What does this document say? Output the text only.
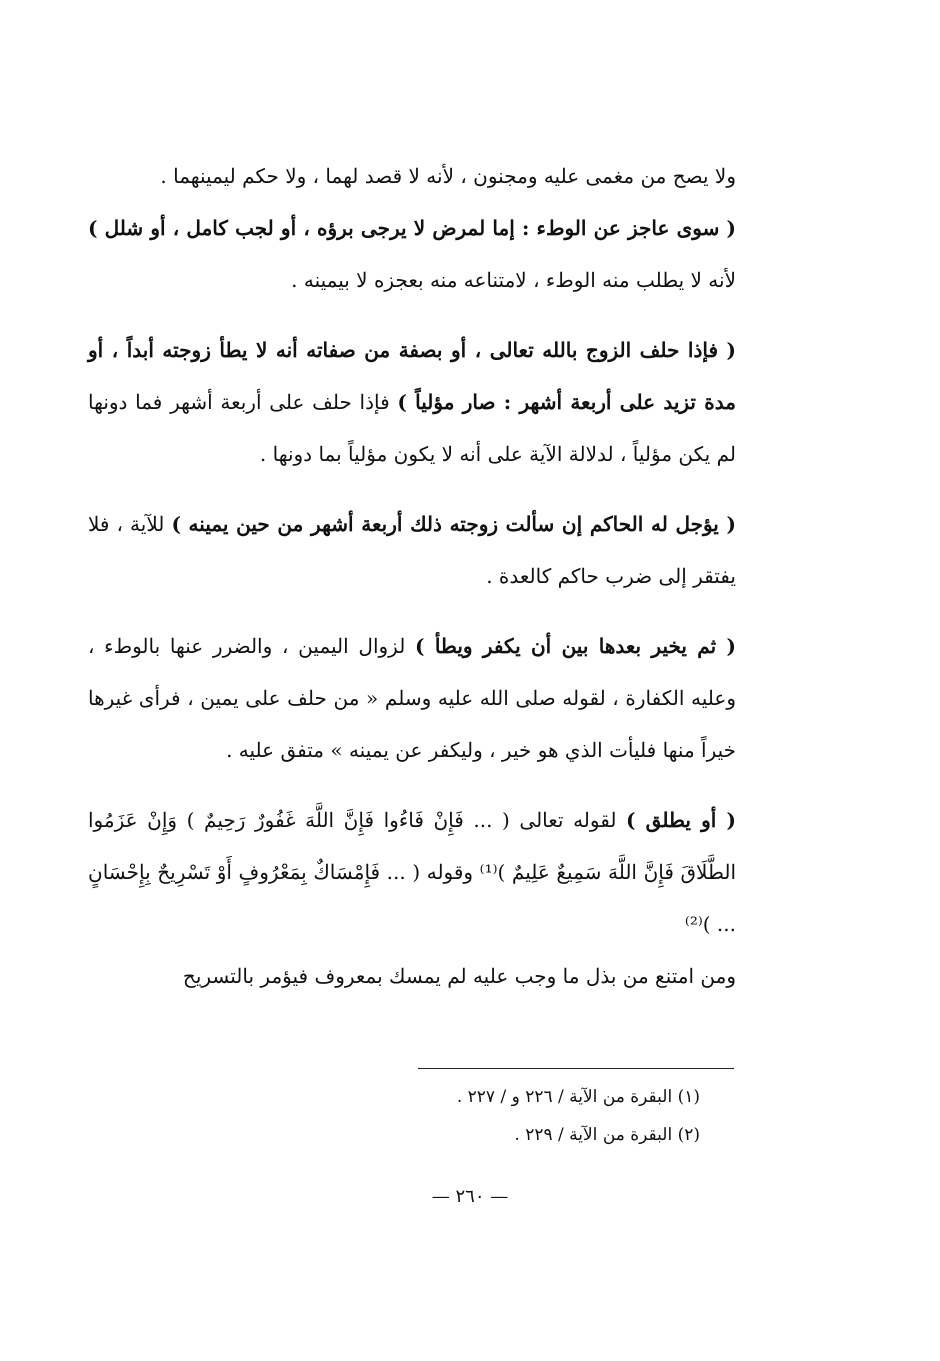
ولا يصح من مغمى عليه ومجنون ، لأنه لا قصد لهما ، ولا حكم ليمينهما .

( سوى عاجز عن الوطء : إما لمرض لا يرجى برؤه ، أو لجب كامل ، أو شلل ) لأنه لا يطلب منه الوطء ، لامتناعه منه بعجزه لا بيمينه .

( فإذا حلف الزوج بالله تعالى ، أو بصفة من صفاته أنه لا يطأ زوجته أبداً ، أو مدة تزيد على أربعة أشهر : صار مؤلياً ) فإذا حلف على أربعة أشهر فما دونها لم يكن مؤلياً ، لدلالة الآية على أنه لا يكون مؤلياً بما دونها .

( يؤجل له الحاكم إن سألت زوجته ذلك أربعة أشهر من حين يمينه ) للآية ، فلا يفتقر إلى ضرب حاكم كالعدة .

( ثم يخير بعدها بين أن يكفر ويطأ ) لزوال اليمين ، والضرر عنها بالوطء ، وعليه الكفارة ، لقوله صلى الله عليه وسلم « من حلف على يمين ، فرأى غيرها خيراً منها فليأت الذي هو خير ، وليكفر عن يمينه » متفق عليه .

( أو يطلق ) لقوله تعالى ( ... فَإِنْ فَاءُوا فَإِنَّ اللَّهَ غَفُورٌ رَحِيمٌ ) وَإِنْ عَزَمُوا الطَّلَاقَ فَإِنَّ اللَّهَ سَمِيعٌ عَلِيمٌ )⁽¹⁾ وقوله ( ... فَإِمْسَاكٌ بِمَعْرُوفٍ أَوْ تَسْرِيحٌ بِإِحْسَانٍ ... )⁽²⁾

ومن امتنع من بذل ما وجب عليه لم يمسك بمعروف فيؤمر بالتسريح

(١) البقرة من الآية / ٢٢٦ و / ٢٢٧ .
(٢) البقرة من الآية / ٢٢٩ .
— ٢٦٠ —
